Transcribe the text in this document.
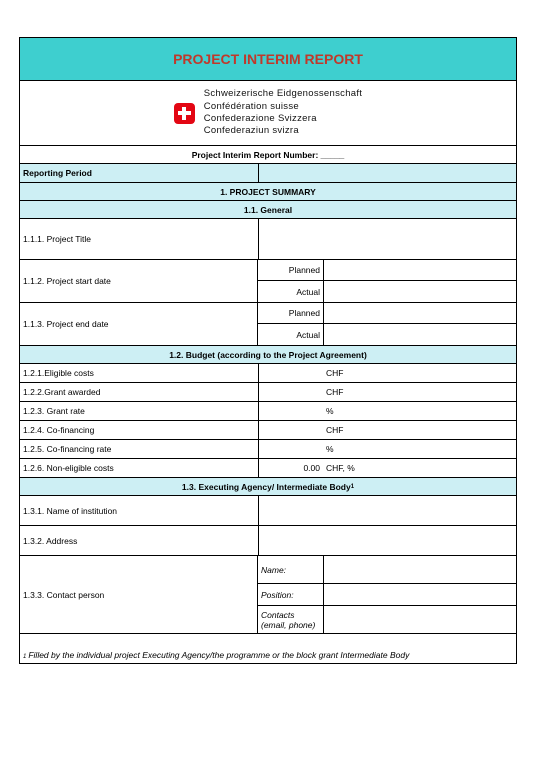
PROJECT INTERIM REPORT
Schweizerische Eidgenossenschaft
Confédération suisse
Confederazione Svizzera
Confederaziun svizra
Project Interim Report Number: _____
Reporting Period
1. PROJECT SUMMARY
1.1. General
1.1.1. Project Title
1.1.2. Project start date
Planned
Actual
1.1.3. Project end date
Planned
Actual
1.2. Budget (according to the Project Agreement)
1.2.1.Eligible costs	CHF
1.2.2.Grant awarded	CHF
1.2.3. Grant rate	%
1.2.4. Co-financing	CHF
1.2.5. Co-financing rate	%
1.2.6. Non-eligible costs	0.00 CHF, %
1.3. Executing Agency/ Intermediate Body 1
1.3.1. Name of institution
1.3.2. Address
1.3.3. Contact person
Name:
Position:
Contacts (email, phone)
1 Filled by the individual project Executing Agency/the programme or the block grant Intermediate Body
